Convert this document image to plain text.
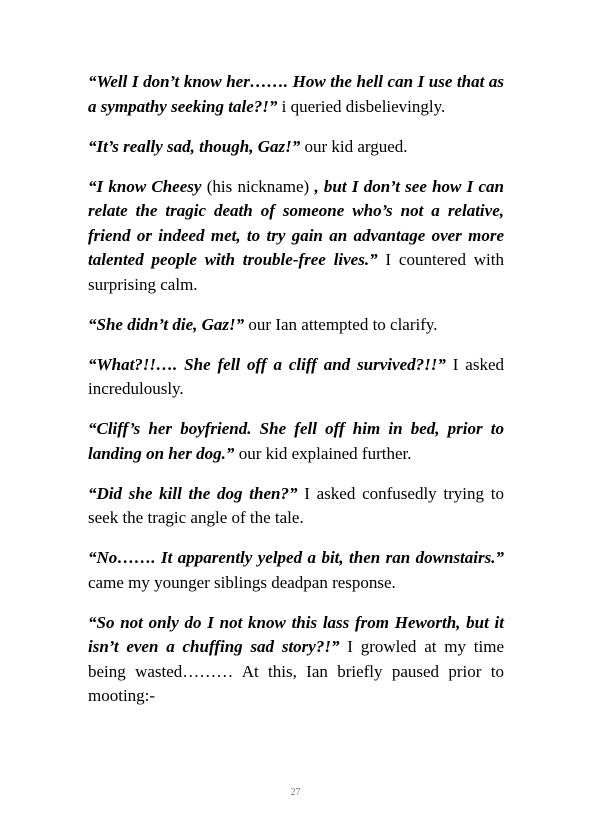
“Well I don’t know her……. How the hell can I use that as a sympathy seeking tale?!” i queried disbelievingly.

“It’s really sad, though, Gaz!” our kid argued.

“I know Cheesy (his nickname) , but I don’t see how I can relate the tragic death of someone who’s not a relative, friend or indeed met, to try gain an advantage over more talented people with trouble-free lives.” I countered with surprising calm.

“She didn’t die, Gaz!” our Ian attempted to clarify.

“What?!!…. She fell off a cliff and survived?!!” I asked incredulously.

“Cliff’s her boyfriend. She fell off him in bed, prior to landing on her dog.” our kid explained further.

“Did she kill the dog then?” I asked confusedly trying to seek the tragic angle of the tale.

“No……. It apparently yelped a bit, then ran downstairs.” came my younger siblings deadpan response.

“So not only do I not know this lass from Heworth, but it isn’t even a chuffing sad story?!” I growled at my time being wasted……… At this, Ian briefly paused prior to mooting:-

27
